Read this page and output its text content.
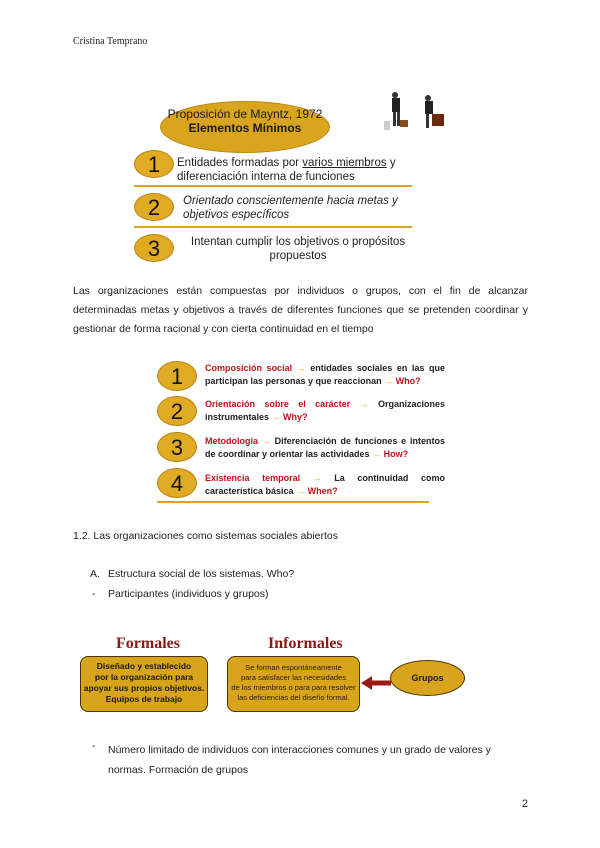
Cristina Temprano
Proposición de Mayntz, 1972
Elementos Mínimos
1	Entidades formadas por varios miembros y
diferenciación interna de funciones
2	Orientado conscientemente hacia metas y
objetivos específicos
3	Intentan cumplir los objetivos o propósitos
propuestos
Las organizaciones están compuestas por individuos o grupos, con el fin de alcanzar determinadas metas y objetivos a través de diferentes funciones que se pretenden coordinar y gestionar de forma racional y con cierta continuidad en el tiempo
1	Composición social → entidades sociales en las que participan las personas y que reaccionan → Who?
2	Orientación sobre el carácter → Organizaciones instrumentales → Why?
3	Metodología → Diferenciación de funciones e intentos de coordinar y orientar las actividades → How?
4	Existencia temporal → La continuidad como característica básica → When?
1.2. Las organizaciones como sistemas sociales abiertos
A. Estructura social de los sistemas. Who?
- Participantes (individuos y grupos)
Formales	Informales
Diseñado y establecido
por la organización para
apoyar sus propios objetivos.
Equipos de trabajo
Se forman espontáneamente
para satisfacer las necesidades
de los miembros o para para resolver
las deficiencias del diseño formal.
Grupos
- Número limitado de individuos con interacciones comunes y un grado de valores y
normas. Formación de grupos
2
